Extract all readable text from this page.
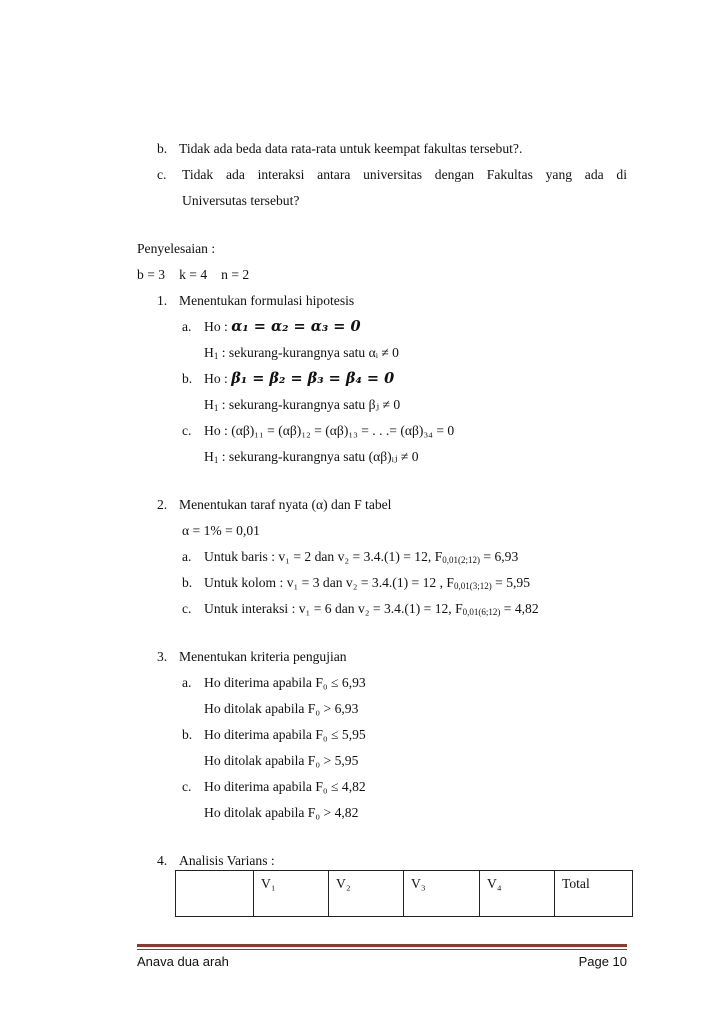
b. Tidak ada beda data rata-rata untuk keempat fakultas tersebut?.
c.	Tidak ada interaksi antara universitas dengan Fakultas yang ada di
Universutas tersebut?
Penyelesaian :
b = 3 k = 4 n = 2
1. Menentukan formulasi hipotesis
a. Ho : α₁ = α₂ = α₃ = 0
$H_1$ : sekurang-kurangnya satu αᵢ ≠ 0
b. Ho : β₁ = β₂ = β₃ = β₄ = 0
$H_1$ : sekurang-kurangnya satu βⱼ ≠ 0
c. Ho : (αβ)₁₁ = (αβ)₁₂ = (αβ)₁₃ = . . .= (αβ)₃₄ = 0
$H_1$ : sekurang-kurangnya satu (αβ)ᵢⱼ ≠ 0
2. Menentukan taraf nyata (α) dan F tabel
α = 1% = 0,01
a. Untuk baris : v₁ = 2 dan v₂ = 3.4.(1) = 12, $F_{0,01(2;12)} = 6,93$
b. Untuk kolom : v₁ = 3 dan v₂ = 3.4.(1) = 12 , $F_{0,01(3;12)} = 5,95$
c. Untuk interaksi : v₁ = 6 dan v₂ = 3.4.(1) = 12, $F_{0,01(6;12)} = 4,82$
3. Menentukan kriteria pengujian
a. Ho diterima apabila F₀ ≤ 6,93
Ho ditolak apabila F₀ > 6,93
b. Ho diterima apabila F₀ ≤ 5,95
Ho ditolak apabila F₀ > 5,95
c. Ho diterima apabila F₀ ≤ 4,82
Ho ditolak apabila F₀ > 4,82
4. Analisis Varians :
	V₁	V₂	V₃	V₄	Total
Anava dua arah	Page 10
